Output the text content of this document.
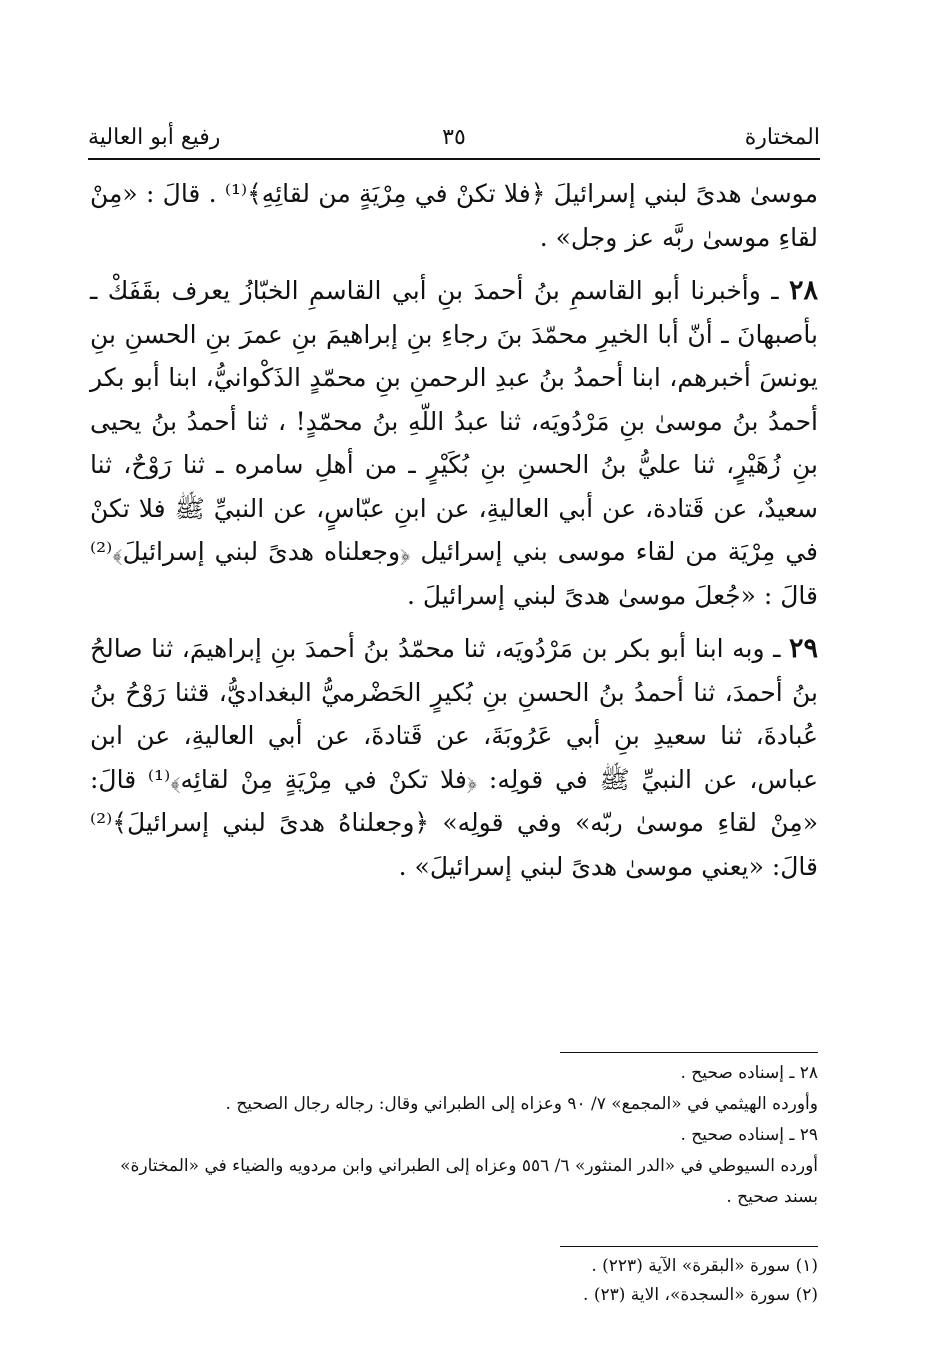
المختارة
٣٥
رفيع أبو العالية

موسىٰ هدىً لبني إسرائيلَ ﴿فلا تكنْ في مِرْيَةٍ من لقائِهِ﴾⁽¹⁾ . قالَ : «مِنْ لقاءِ موسىٰ ربَّه عز وجل» .

٢٨ ـ وأخبرنا أبو القاسمِ بنُ أحمدَ بنِ أبي القاسمِ الخبّازُ يعرف بقَفَكْ ـ بأصبهانَ ـ أنّ أبا الخيرِ محمّدَ بنَ رجاءِ بنِ إبراهيمَ بنِ عمرَ بنِ الحسنِ بنِ يونسَ أخبرهم، ابنا أحمدُ بنُ عبدِ الرحمنِ بنِ محمّدٍ الذَكْوانيُّ، ابنا أبو بكر أحمدُ بنُ موسىٰ بنِ مَرْدُويَه، ثنا عبدُ اللّهِ بنُ محمّدٍ! ، ثنا أحمدُ بنُ يحيى بنِ زُهَيْرٍ، ثنا عليُّ بنُ الحسنِ بنِ بُكَيْرٍ ـ من أهلِ سامره ـ ثنا رَوْحٌ، ثنا سعيدٌ، عن قَتادة، عن أبي العاليةِ، عن ابنِ عبّاسٍ، عن النبيِّ ﷺ فلا تكنْ في مِرْيَة من لقاء موسى بني إسرائيل ﴿وجعلناه هدىً لبني إسرائيلَ﴾⁽²⁾ قالَ : «جُعلَ موسىٰ هدىً لبني إسرائيلَ .

٢٩ ـ وبه ابنا أبو بكر بن مَرْدُويَه، ثنا محمّدُ بنُ أحمدَ بنِ إبراهيمَ، ثنا صالحُ بنُ أحمدَ، ثنا أحمدُ بنُ الحسنِ بنِ بُكيرٍ الحَضْرميُّ البغداديُّ، قثنا رَوْحُ بنُ عُبادةَ، ثنا سعيدِ بنِ أبي عَرُوبَةَ، عن قَتادةَ، عن أبي العاليةِ، عن ابن عباس، عن النبيِّ ﷺ في قولِه: ﴿فلا تكنْ في مِرْيَةٍ مِنْ لقائِه﴾⁽¹⁾ قالَ: «مِنْ لقاءِ موسىٰ ربّه» وفي قولِه» ﴿وجعلناهُ هدىً لبني إسرائيلَ﴾⁽²⁾ قالَ: «يعني موسىٰ هدىً لبني إسرائيلَ» .

٢٨ ـ إسناده صحيح .

وأورده الهيثمي في «المجمع» ٧/ ٩٠ وعزاه إلى الطبراني وقال: رجاله رجال الصحيح .

٢٩ ـ إسناده صحيح .

أورده السيوطي في «الدر المنثور» ٦/ ٥٥٦ وعزاه إلى الطبراني وابن مردويه والضياء في «المختارة» بسند صحيح .

(١) سورة «البقرة» الآية (٢٢٣) .

(٢) سورة «السجدة»، الاية (٢٣) .
